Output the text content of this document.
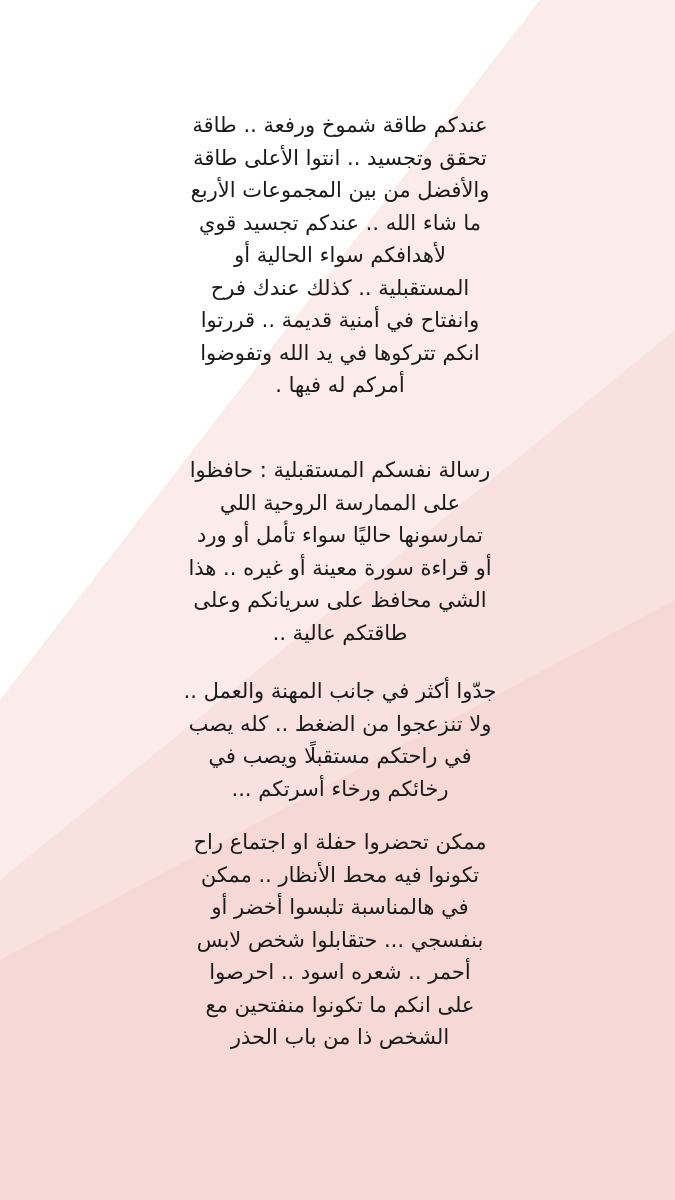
عندكم طاقة شموخ ورفعة .. طاقة
تحقق وتجسيد .. انتوا الأعلى طاقة
والأفضل من بين المجموعات الأربع
ما شاء الله .. عندكم تجسيد قوي
لأهدافكم سواء الحالية أو
المستقبلية .. كذلك عندك فرح
وانفتاح في أمنية قديمة .. قررتوا
انكم تتركوها في يد الله وتفوضوا
أمركم له فيها .
رسالة نفسكم المستقبلية : حافظوا
على الممارسة الروحية اللي
تمارسونها حاليًا سواء تأمل أو ورد
أو قراءة سورة معينة أو غيره .. هذا
الشي محافظ على سريانكم وعلى
طاقتكم عالية ..
جدّوا أكثر في جانب المهنة والعمل ..
ولا تنزعجوا من الضغط .. كله يصب
في راحتكم مستقبلًا ويصب في
رخائكم ورخاء أسرتكم ...
ممكن تحضروا حفلة او اجتماع راح
تكونوا فيه محط الأنظار .. ممكن
في هالمناسبة تلبسوا أخضر أو
بنفسجي ... حتقابلوا شخص لابس
أحمر .. شعره اسود .. احرصوا
على انكم ما تكونوا منفتحين مع
الشخص ذا من باب الحذر
